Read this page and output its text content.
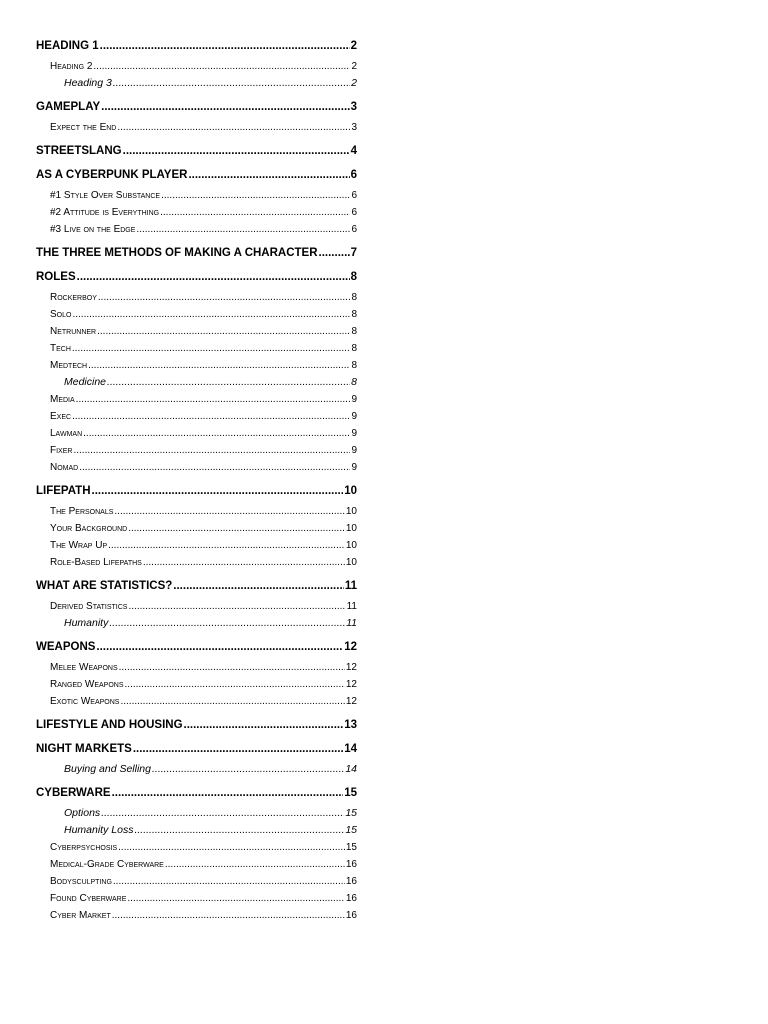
HEADING 1 .....	2
Heading 2 .....	2
Heading 3 .....	2
GAMEPLAY .....	3
Expect the End .....	3
STREETSLANG .....	4
AS A CYBERPUNK PLAYER .....	6
#1 Style Over Substance .....	6
#2 Attitude is Everything .....	6
#3 Live on the Edge .....	6
THE THREE METHODS OF MAKING A CHARACTER .....	7
ROLES .....	8
Rockerboy .....	8
Solo .....	8
Netrunner .....	8
Tech .....	8
Medtech .....	8
Medicine .....	8
Media .....	9
Exec .....	9
Lawman .....	9
Fixer .....	9
Nomad .....	9
LIFEPATH .....	10
The Personals .....	10
Your Background .....	10
The Wrap Up .....	10
Role-Based Lifepaths .....	10
WHAT ARE STATISTICS? .....	11
Derived Statistics .....	11
Humanity .....	11
WEAPONS .....	12
Melee Weapons .....	12
Ranged Weapons .....	12
Exotic Weapons .....	12
LIFESTYLE AND HOUSING .....	13
NIGHT MARKETS .....	14
Buying and Selling .....	14
CYBERWARE .....	15
Options .....	15
Humanity Loss .....	15
Cyberpsychosis .....	15
Medical-Grade Cyberware .....	16
Bodysculpting .....	16
Found Cyberware .....	16
Cyber Market .....	16
